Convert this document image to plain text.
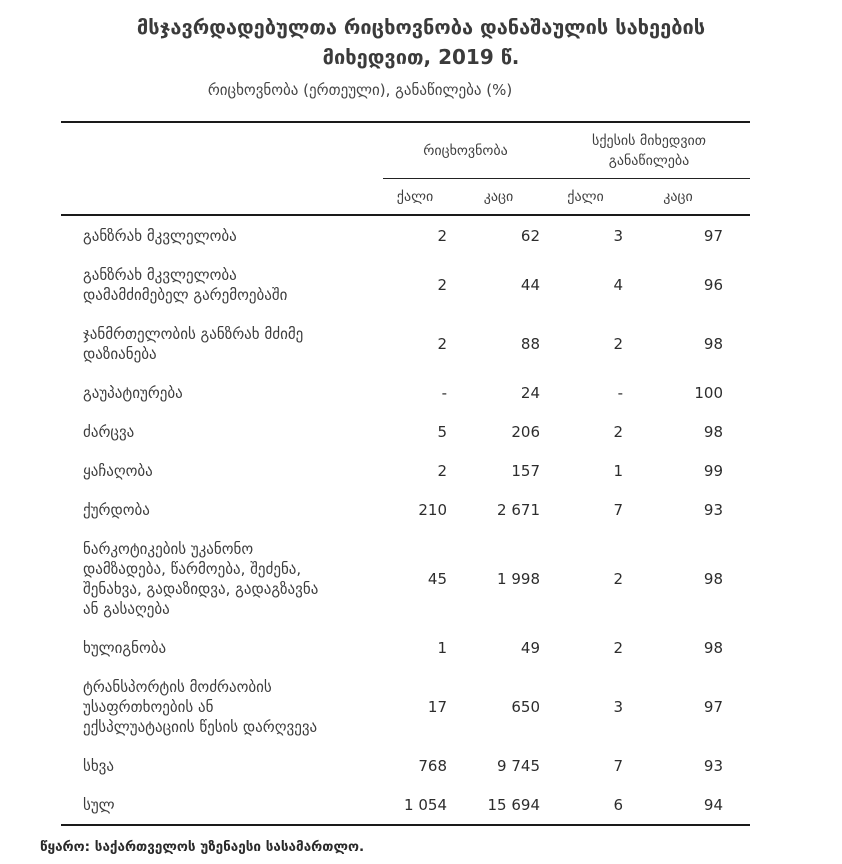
მსჯავრდადებულთა რიცხოვნობა დანაშაულის სახეების
მიხედვით, 2019 წ.
რიცხოვნობა (ერთეული), განაწილება (%)

	რიცხოვნობა		სქესის მიხედვით
განაწილება	

	ქალი	კაცი	ქალი	კაცი
განზრახ მკვლელობა	2	62	3	97
განზრახ მკვლელობა
დამამძიმებელ გარემოებაში	2	44	4	96
ჯანმრთელობის განზრახ მძიმე
დაზიანება	2	88	2	98
გაუპატიურება	-	24	-	100
ძარცვა	5	206	2	98
ყაჩაღობა	2	157	1	99
ქურდობა	210	2 671	7	93
ნარკოტიკების უკანონო
დამზადება, წარმოება, შეძენა,
შენახვა, გადაზიდვა, გადაგზავნა
ან გასაღება	45	1 998	2	98
ხულიგნობა	1	49	2	98
ტრანსპორტის მოძრაობის
უსაფრთხოების ან
ექსპლუატაციის წესის დარღვევა	17	650	3	97
სხვა	768	9 745	7	93
სულ	1 054	15 694	6	94
წყარო: საქართველოს უზენაესი სასამართლო.
